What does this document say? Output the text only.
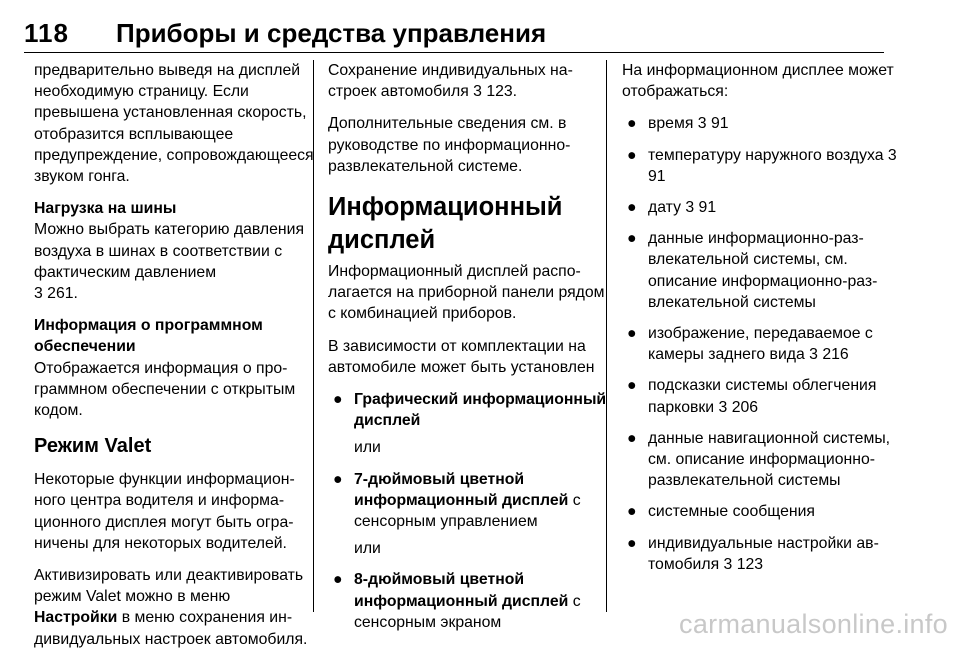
118 Приборы и средства управления

предварительно выведя на дисплей необходимую страницу. Если превышена установленная скорость, отобразится всплывающее предупреждение, сопровождающееся звуком гонга.

Нагрузка на шины

Можно выбрать категорию давления воздуха в шинах в соответствии с фактическим давлением
3 261.

Информация о программном обеспечении

Отображается информация о программном обеспечении с открытым кодом.

Режим Valet

Некоторые функции информационного центра водителя и информационного дисплея могут быть ограничены для некоторых водителей.

Активизировать или деактивировать режим Valet можно в меню Настройки в меню сохранения индивидуальных настроек автомобиля.

Сохранение индивидуальных настроек автомобиля 3 123.

Дополнительные сведения см. в руководстве по информационно-развлекательной системе.

Информационный дисплей

Информационный дисплей располагается на приборной панели рядом с комбинацией приборов.

В зависимости от комплектации на автомобиле может быть установлен

● Графический информационный дисплей
или
● 7-дюймовый цветной информационный дисплей с сенсорным управлением
или
● 8-дюймовый цветной информационный дисплей с сенсорным экраном

На информационном дисплее может отображаться:

● время 3 91
● температуру наружного воздуха 3 91
● дату 3 91
● данные информационно-развлекательной системы, см. описание информационно-развлекательной системы
● изображение, передаваемое с камеры заднего вида 3 216
● подсказки системы облегчения парковки 3 206
● данные навигационной системы, см. описание информационно-развлекательной системы
● системные сообщения
● индивидуальные настройки автомобиля 3 123
carmanualsonline.info
